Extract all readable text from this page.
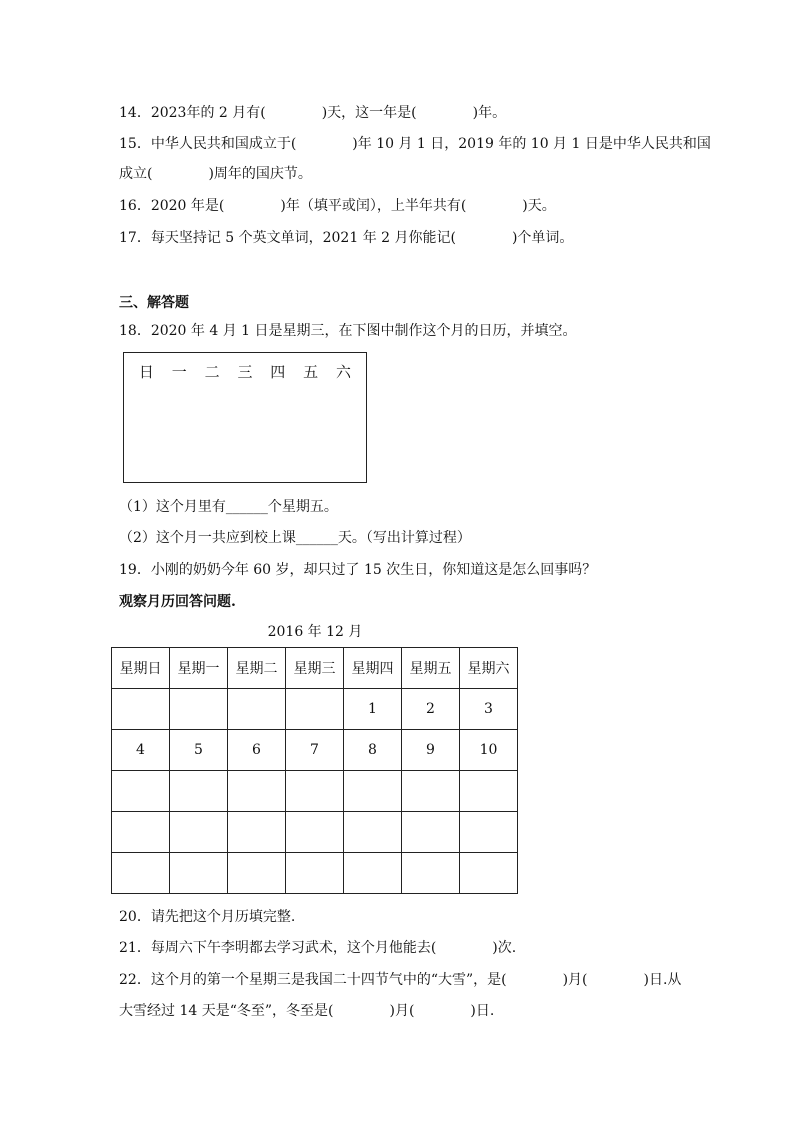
14．2023年的 2 月有(　　　　)天，这一年是(　　　　)年。
15．中华人民共和国成立于(　　　　)年 10 月 1 日，2019 年的 10 月 1 日是中华人民共和国
成立(　　　　)周年的国庆节。
16．2020 年是(　　　　)年（填平或闰），上半年共有(　　　　)天。
17．每天坚持记 5 个英文单词，2021 年 2 月你能记(　　　　)个单词。
三、解答题
18．2020 年 4 月 1 日是星期三，在下图中制作这个月的日历，并填空。
日 一 二 三 四 五 六
（1）这个月里有______个星期五。
（2）这个月一共应到校上课______天。（写出计算过程）
19．小刚的奶奶今年 60 岁，却只过了 15 次生日，你知道这是怎么回事吗？
观察月历回答问题.
2016 年 12 月
星期日	星期一	星期二	星期三	星期四	星期五	星期六
				1	2	3
4	5	6	7	8	9	10

20．请先把这个月历填完整.
21．每周六下午李明都去学习武术，这个月他能去(　　　　)次.
22．这个月的第一个星期三是我国二十四节气中的“大雪”，是(　　　　)月(　　　　)日.从
大雪经过 14 天是“冬至”，冬至是(　　　　)月(　　　　)日.
